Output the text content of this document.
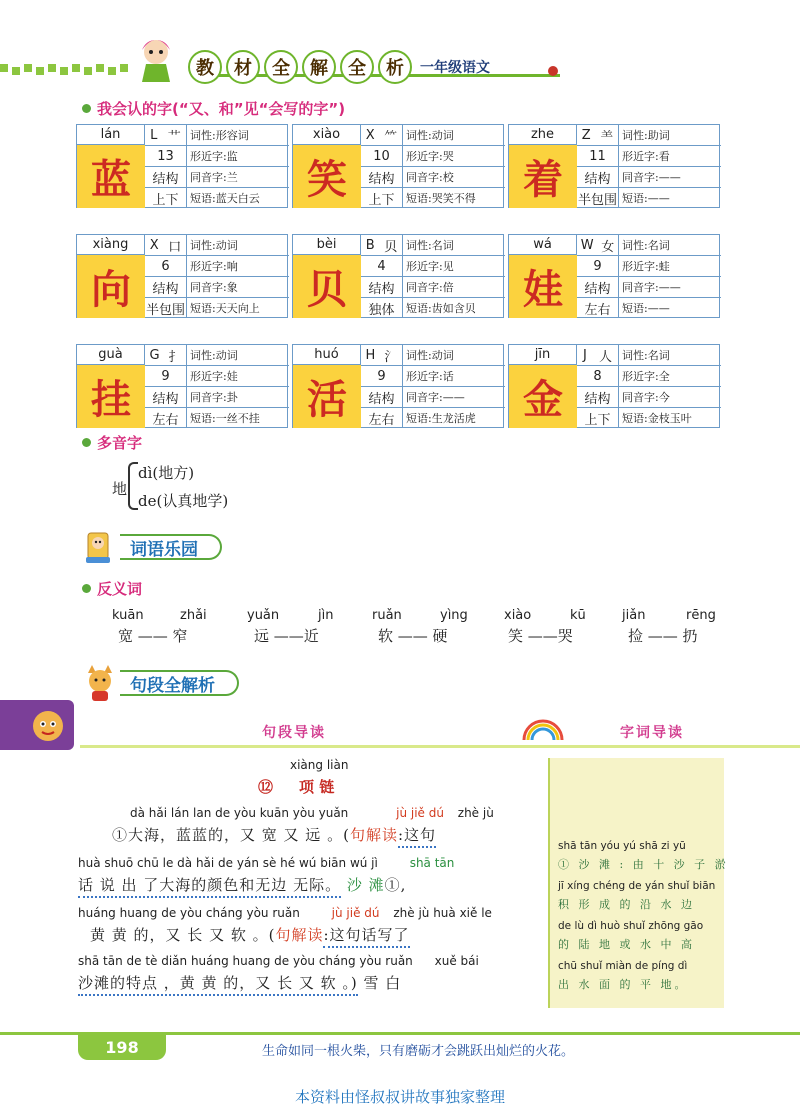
教	材	全	解	全	析	一年级语文
我会认的字(“又、和”见“会写的字”)
lán
蓝
L 艹 词性:形容词
13	形近字:监
结构	同音字:兰
上下	短语:蓝天白云
xiào
笑
X ⺮ 词性:动词
10	形近字:哭
结构	同音字:校
上下	短语:哭笑不得
zhe
着
Z ⺷ 词性:助词
11	形近字:看
结构	同音字:——
半包围 短语:——
xiàng
向
X 口 词性:动词
6	形近字:响
结构	同音字:象
半包围 短语:天天向上
bèi
贝
B 贝 词性:名词
4	形近字:见
结构	同音字:倍
独体	短语:齿如含贝
wá
娃
W 女 词性:名词
9	形近字:蛙
结构	同音字:——
左右	短语:——
guà
挂
G 扌 词性:动词
9	形近字:娃
结构	同音字:卦
左右	短语:一丝不挂
huó
活
H 氵 词性:动词
9	形近字:话
结构	同音字:——
左右	短语:生龙活虎
jīn
金
J 人 词性:名词
8	形近字:全
结构	同音字:今
上下	短语:金枝玉叶
多音字
地
dì(地方)
de(认真地学)
词语乐园
反义词
kuān	zhǎi
宽 —— 窄
yuǎn	jìn
远 ——近
ruǎn	yìng
软 —— 硬
xiào	kū
笑 ——哭
jiǎn	rēng
捡 —— 扔
句段全解析
句段导读	字词导读
xiàng liàn
⑫ 项 链
dà hǎi lán lan de yòu kuān yòu yuǎn	jù jiě dú zhè jù
①大海，蓝蓝的，又 宽 又 远 。(句解读:这句
huà shuō chū le dà hǎi de yán sè hé wú biān wú jì	shā tān
话 说 出 了大海的颜色和无边 无际。 沙 滩①,
huáng huang de yòu cháng yòu ruǎn	jù jiě dú zhè jù huà xiě le
黄 黄 的，又 长 又 软 。(句解读:这句话写了
shā tān de tè diǎn huáng huang de yòu cháng yòu ruǎn xuě bái
沙滩的特点 ，黄 黄 的，又 长 又 软 。) 雪 白
shā tān yóu yú shā zi yū
① 沙 滩 : 由 十 沙 子 淤
jī xíng chéng de yán shuǐ biān
积 形 成 的 沿 水 边
de lù dì huò shuǐ zhōng gāo
的 陆 地 或 水 中 高
chū shuǐ miàn de píng dì
出 水 面 的 平 地。
198	生命如同一根火柴，只有磨砺才会跳跃出灿烂的火花。
本资料由怪叔叔讲故事独家整理
